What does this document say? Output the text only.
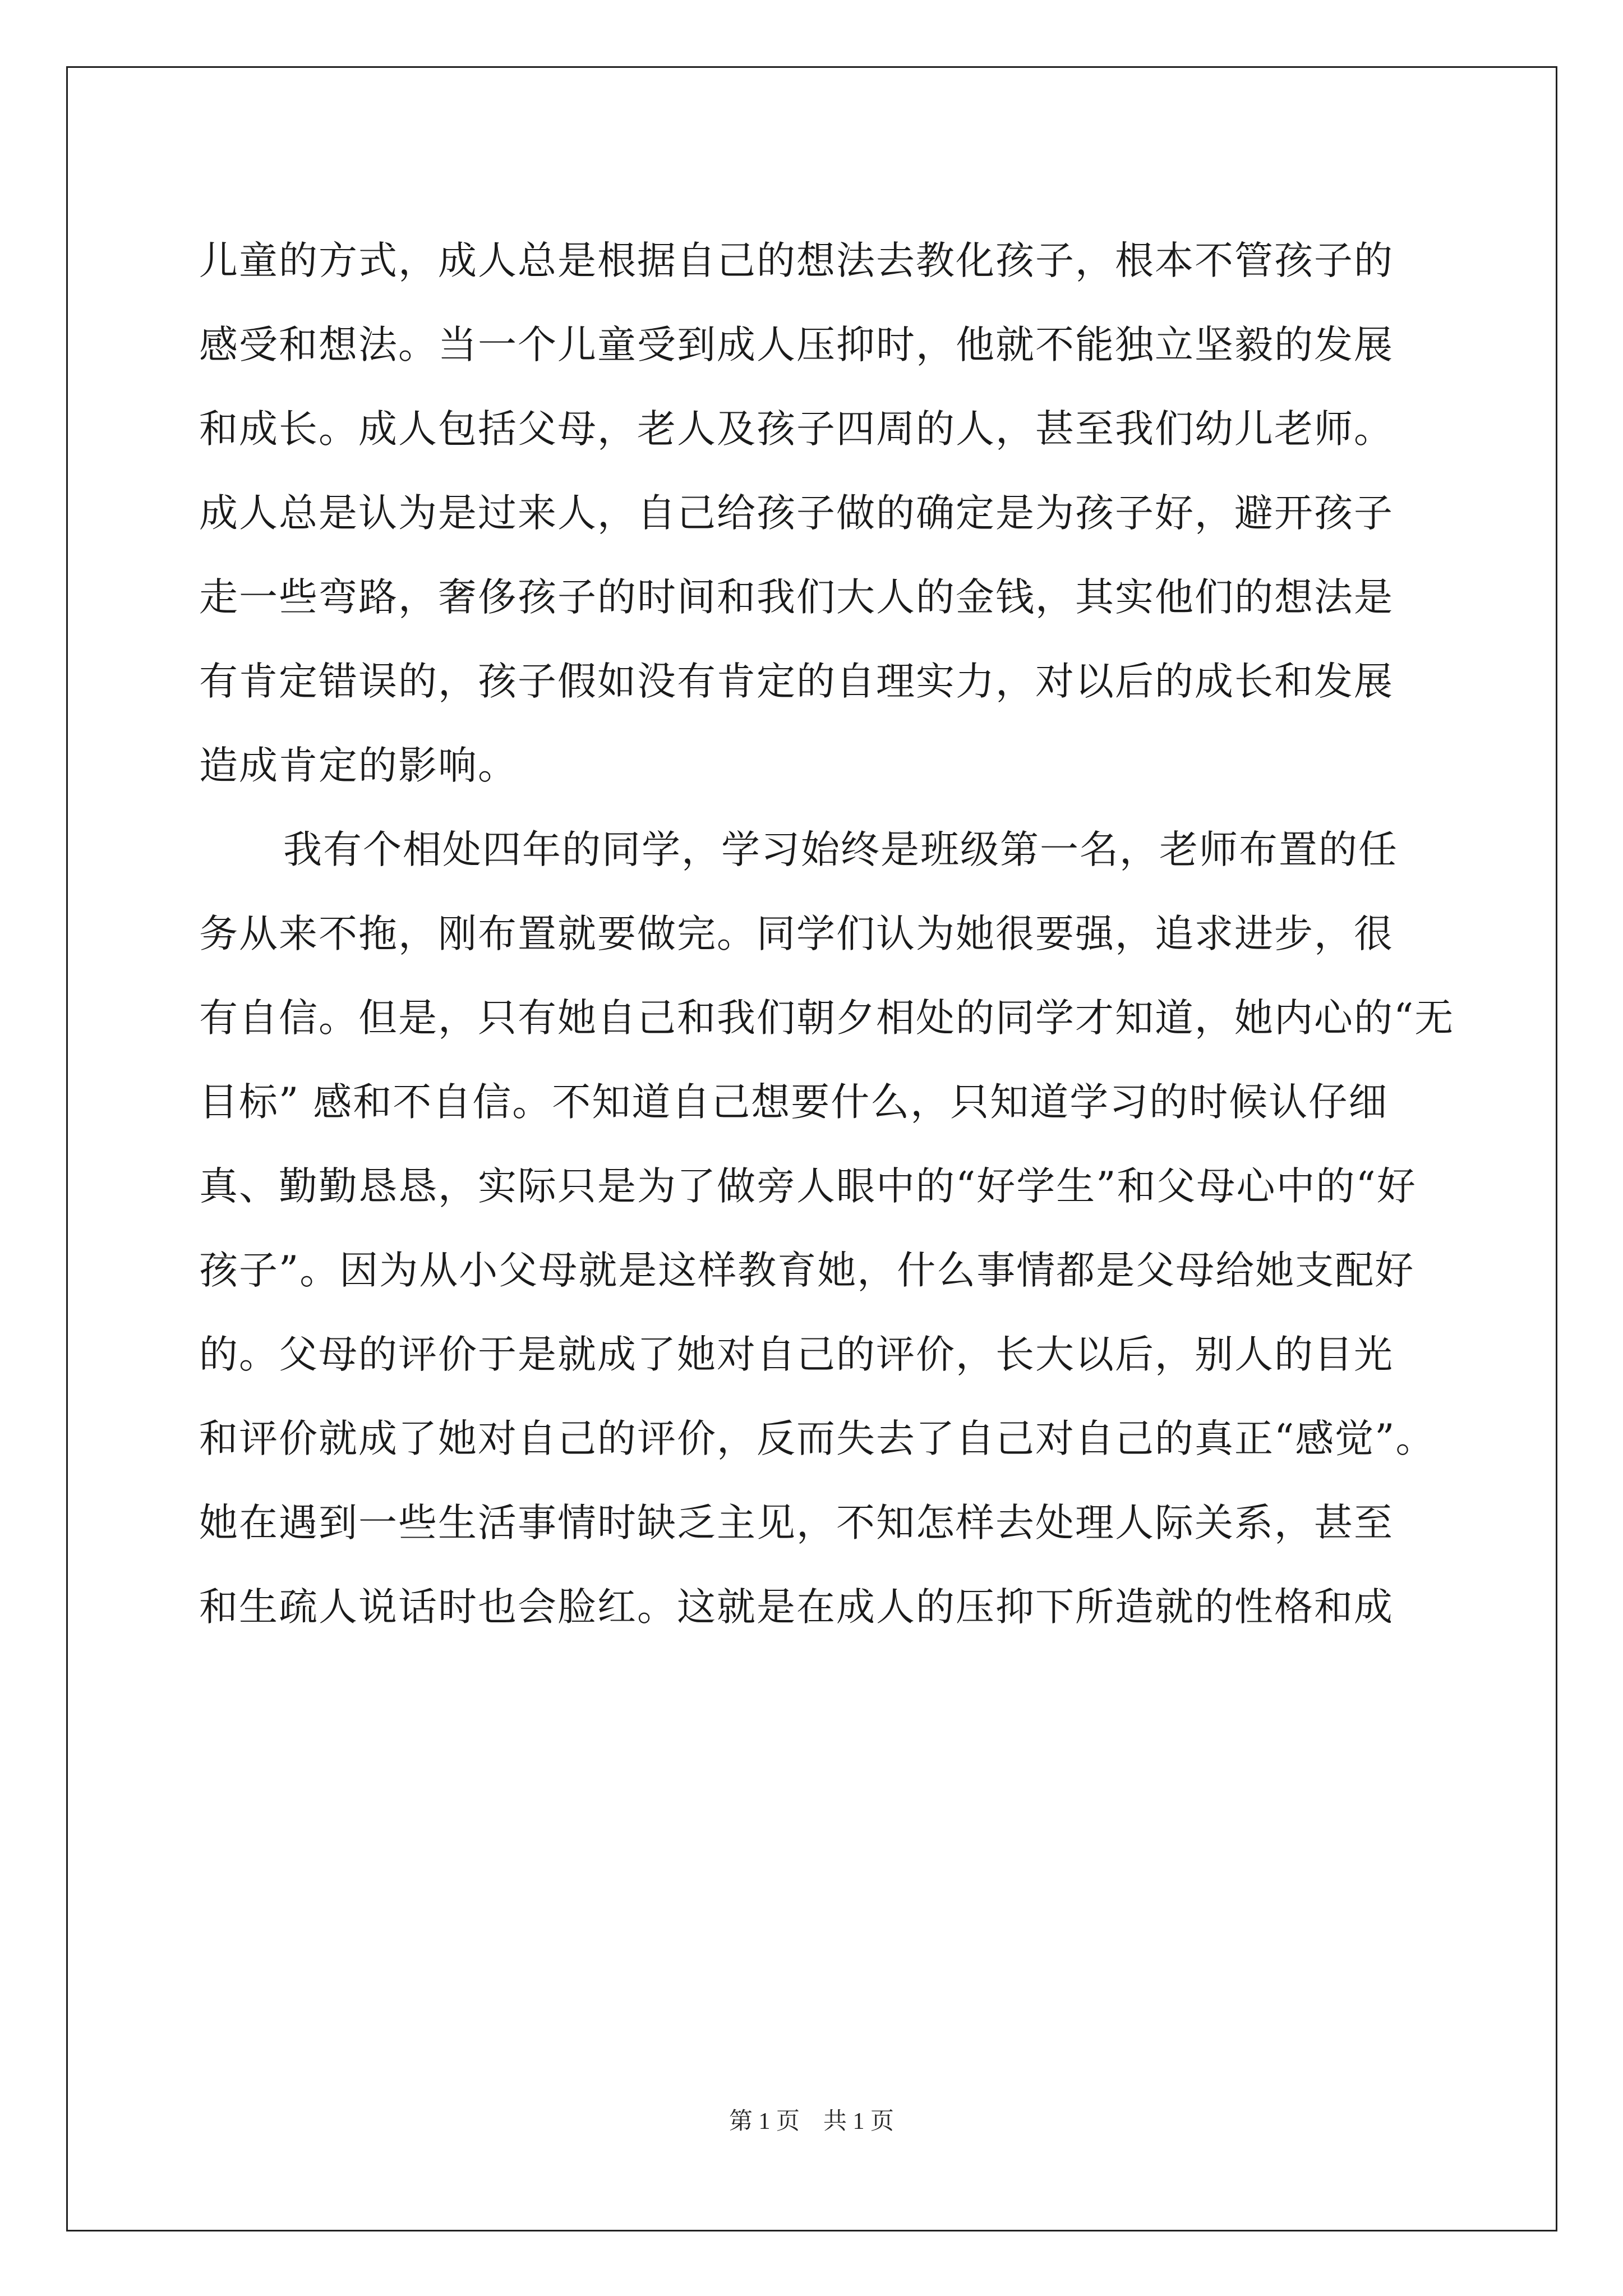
儿童的方式，成人总是根据自己的想法去教化孩子，根本不管孩子的
感受和想法。当一个儿童受到成人压抑时，他就不能独立坚毅的发展
和成长。成人包括父母，老人及孩子四周的人，甚至我们幼儿老师。
成人总是认为是过来人，自己给孩子做的确定是为孩子好，避开孩子
走一些弯路，奢侈孩子的时间和我们大人的金钱，其实他们的想法是
有肯定错误的，孩子假如没有肯定的自理实力，对以后的成长和发展
造成肯定的影响。
我有个相处四年的同学，学习始终是班级第一名，老师布置的任
务从来不拖，刚布置就要做完。同学们认为她很要强，追求进步，很
有自信。但是，只有她自己和我们朝夕相处的同学才知道，她内心的“无
目标” 感和不自信。不知道自己想要什么，只知道学习的时候认仔细
真、勤勤恳恳，实际只是为了做旁人眼中的“好学生”和父母心中的“好
孩子”。因为从小父母就是这样教育她，什么事情都是父母给她支配好
的。父母的评价于是就成了她对自己的评价，长大以后，别人的目光
和评价就成了她对自己的评价，反而失去了自己对自己的真正“感觉”。
她在遇到一些生活事情时缺乏主见，不知怎样去处理人际关系，甚至
和生疏人说话时也会脸红。这就是在成人的压抑下所造就的性格和成
第 1 页　共 1 页
